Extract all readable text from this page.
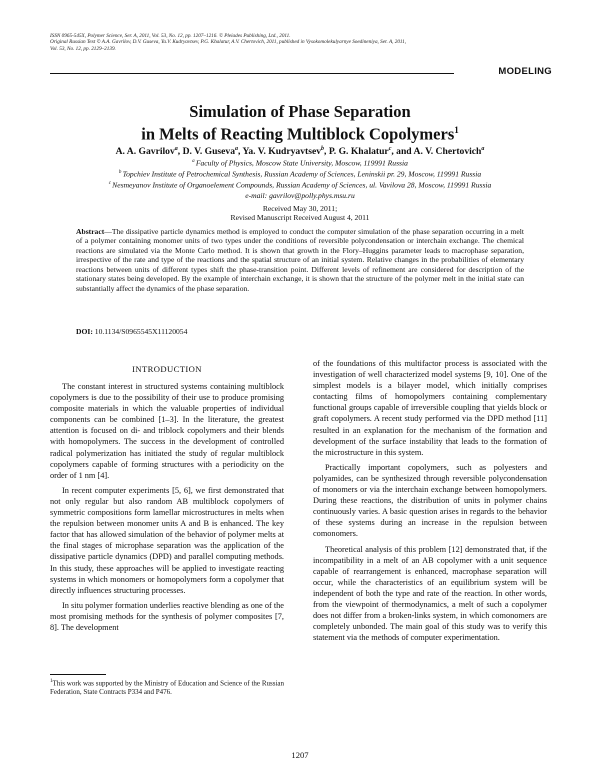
ISSN 0965-545X, Polymer Science, Ser. A, 2011, Vol. 53, No. 12, pp. 1207–1216. © Pleiades Publishing, Ltd., 2011.
Original Russian Text © A.A. Gavrilov, D.V. Guseva, Ya.V. Kudryavtsev, P.G. Khalatur, A.V. Chertovich, 2011, published in Vysokomolekulyarnye Soedineniya, Ser. A, 2011,
Vol. 53, No. 12, pp. 2129–2139.
MODELING
Simulation of Phase Separation
in Melts of Reacting Multiblock Copolymers$^1$
A. A. Gavrilov$^a$, D. V. Guseva$^a$, Ya. V. Kudryavtsev$^b$, P. G. Khalatur$^c$, and A. V. Chertovich$^a$
$^a$ Faculty of Physics, Moscow State University, Moscow, 119991 Russia
$^b$ Topchiev Institute of Petrochemical Synthesis, Russian Academy of Sciences, Leninskii pr. 29, Moscow, 119991 Russia
$^c$ Nesmeyanov Institute of Organoelement Compounds, Russian Academy of Sciences, ul. Vavilova 28, Moscow, 119991 Russia
e-mail: gavrilov@polly.phys.msu.ru
Received May 30, 2011;
Revised Manuscript Received August 4, 2011
Abstract—The dissipative particle dynamics method is employed to conduct the computer simulation of the phase separation occurring in a melt of a polymer containing monomer units of two types under the conditions of reversible polycondensation or interchain exchange. The chemical reactions are simulated via the Monte Carlo method. It is shown that growth in the Flory–Huggins parameter leads to macrophase separation, irrespective of the rate and type of the reactions and the spatial structure of an initial system. Relative changes in the probabilities of elementary reactions between units of different types shift the phase-transition point. Different levels of refinement are considered for description of the stationary states being developed. By the example of interchain exchange, it is shown that the structure of the polymer melt in the initial state can substantially affect the dynamics of the phase separation.
DOI: 10.1134/S0965545X11120054
INTRODUCTION

The constant interest in structured systems containing multiblock copolymers is due to the possibility of their use to produce promising composite materials in which the valuable properties of individual components can be combined [1–3]. In the literature, the greatest attention is focused on di- and triblock copolymers and their blends with homopolymers. The success in the development of controlled radical polymerization has initiated the study of regular multiblock copolymers capable of forming structures with a periodicity on the order of 1 nm [4].

In recent computer experiments [5, 6], we first demonstrated that not only regular but also random AB multiblock copolymers of symmetric compositions form lamellar microstructures in melts when the repulsion between monomer units A and B is enhanced. The key factor that has allowed simulation of the behavior of polymer melts at the final stages of microphase separation was the application of the dissipative particle dynamics (DPD) and parallel computing methods. In this study, these approaches will be applied to investigate reacting systems in which monomers or homopolymers form a copolymer that directly influences structuring processes.

In situ polymer formation underlies reactive blending as one of the most promising methods for the synthesis of polymer composites [7, 8]. The development

of the foundations of this multifactor process is associated with the investigation of well characterized model systems [9, 10]. One of the simplest models is a bilayer model, which initially comprises contacting films of homopolymers containing complementary functional groups capable of irreversible coupling that yields block or graft copolymers. A recent study performed via the DPD method [11] resulted in an explanation for the mechanism of the formation and development of the surface instability that leads to the formation of the microstructure in this system.

Practically important copolymers, such as polyesters and polyamides, can be synthesized through reversible polycondensation of monomers or via the interchain exchange between homopolymers. During these reactions, the distribution of units in polymer chains continuously varies. A basic question arises in regards to the behavior of these systems during an increase in the repulsion between comonomers.

Theoretical analysis of this problem [12] demonstrated that, if the incompatibility in a melt of an AB copolymer with a unit sequence capable of rearrangement is enhanced, macrophase separation will occur, while the characteristics of an equilibrium system will be independent of both the type and rate of the reaction. In other words, from the viewpoint of thermodynamics, a melt of such a copolymer does not differ from a broken-links system, in which comonomers are completely unbonded. The main goal of this study was to verify this statement via the methods of computer experimentation.

$^1$This work was supported by the Ministry of Education and Science of the Russian Federation, State Contracts P334 and P476.
1207
